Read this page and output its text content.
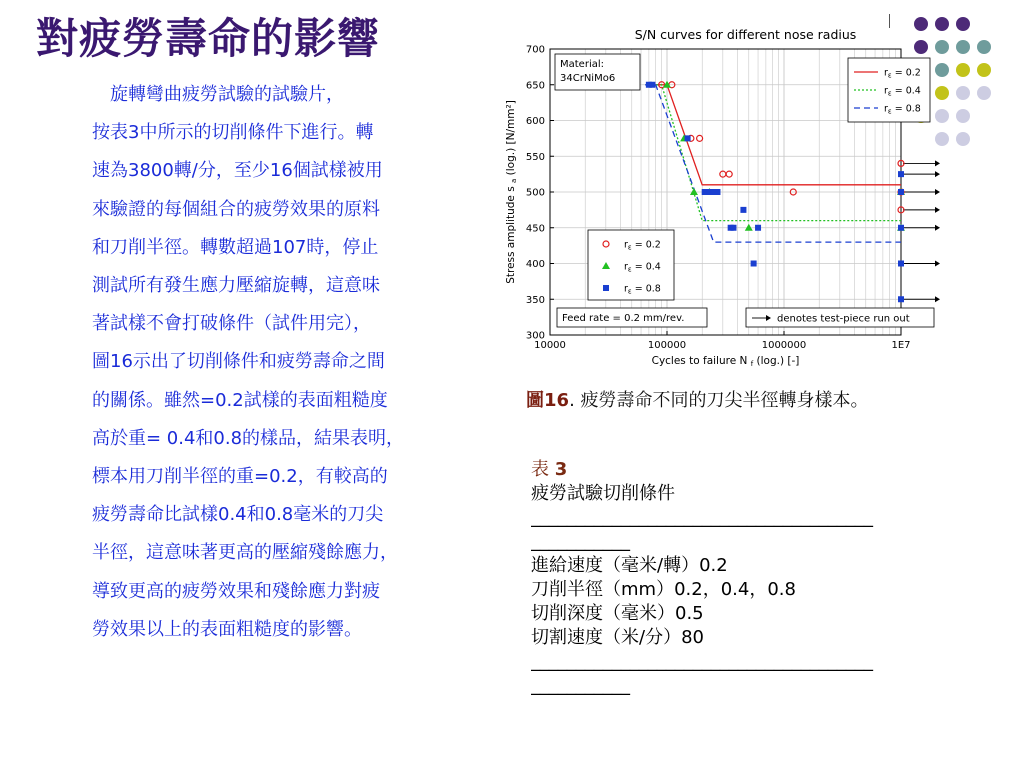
對疲勞壽命的影響

旋轉彎曲疲勞試驗的試驗片，

按表3中所示的切削條件下進行。轉

速為3800轉/分，至少16個試樣被用

來驗證的每個組合的疲勞效果的原料

和刀削半徑。轉數超過107時，停止

測試所有發生應力壓縮旋轉，這意味

著試樣不會打破條件（試件用完），

圖16示出了切削條件和疲勞壽命之間

的關係。雖然=0.2試樣的表面粗糙度

高於重= 0.4和0.8的樣品，結果表明，

標本用刀削半徑的重=0.2，有較高的

疲勞壽命比試樣0.4和0.8毫米的刀尖

半徑，這意味著更高的壓縮殘餘應力，

導致更高的疲勞效果和殘餘應力對疲

勞效果以上的表面粗糙度的影響。

300
350
400
450
500
550
600
650
700
10000	100000	1000000	1E7
S/N curves for different nose radius
Cycles to failure N f (log.) [-]
Stress amplitude s a (log.) [N/mm²]
Material:
34CrNiMo6	$r_\varepsilon = 0.2$
$r_\varepsilon = 0.4$
$r_\varepsilon = 0.8$
$r_\varepsilon = 0.2$
$r_\varepsilon = 0.4$
$r_\varepsilon = 0.8$
Feed rate = 0.2 mm/rev.	denotes test-piece run out
圖16. 疲勞壽命不同的刀尖半徑轉身樣本。
表 3
疲勞試驗切削條件
______________________________________
___________
進給速度（毫米/轉）0.2
刀削半徑（mm）0.2，0.4，0.8
切削深度（毫米）0.5
切割速度（米/分）80
______________________________________
___________
